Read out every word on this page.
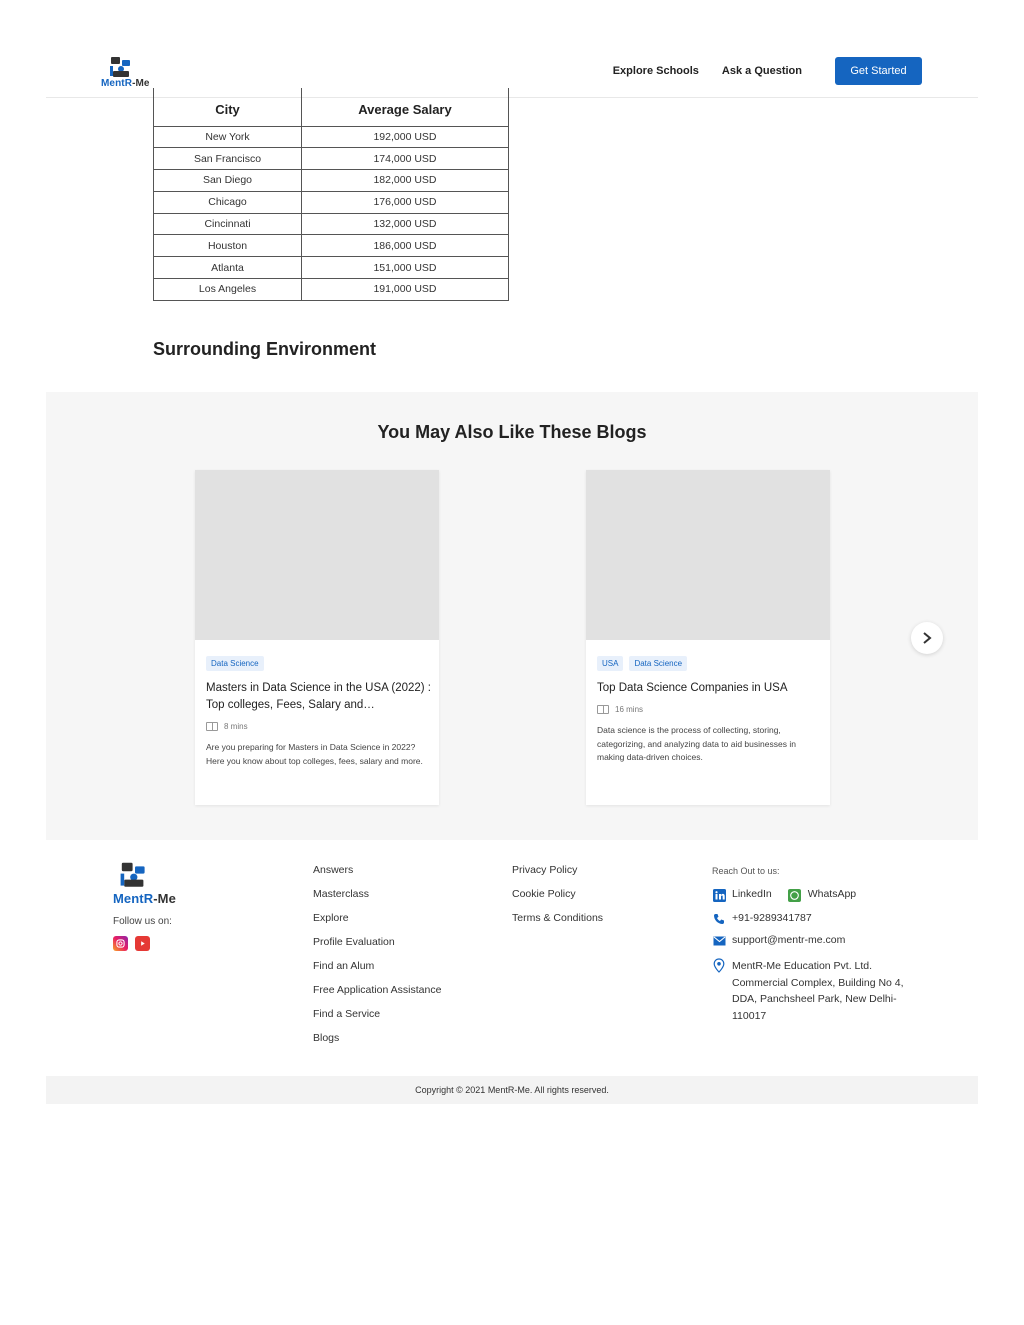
MentR-Me
Explore Schools Ask a Question	Get Started
City	Average Salary
New York	192,000 USD
San Francisco	174,000 USD
San Diego	182,000 USD
Chicago	176,000 USD
Cincinnati	132,000 USD
Houston	186,000 USD
Atlanta	151,000 USD
Los Angeles	191,000 USD
Surrounding Environment
You May Also Like These Blogs
Data Science
Masters in Data Science in the USA (2022) : Top colleges, Fees, Salary and…
8 mins
Are you preparing for Masters in Data Science in 2022? Here you know about top colleges, fees, salary and more.
USA	Data Science
Top Data Science Companies in USA
16 mins
Data science is the process of collecting, storing, categorizing, and analyzing data to aid businesses in making data-driven choices.
MentR-Me
Follow us on:
Answers
Masterclass
Explore
Profile Evaluation
Find an Alum
Free Application Assistance
Find a Service
Blogs
Privacy Policy
Cookie Policy
Terms & Conditions
Reach Out to us:
LinkedIn	WhatsApp
+91-9289341787
support@mentr-me.com
MentR-Me Education Pvt. Ltd. Commercial Complex, Building No 4, DDA, Panchsheel Park, New Delhi-110017
Copyright © 2021 MentR-Me. All rights reserved.
